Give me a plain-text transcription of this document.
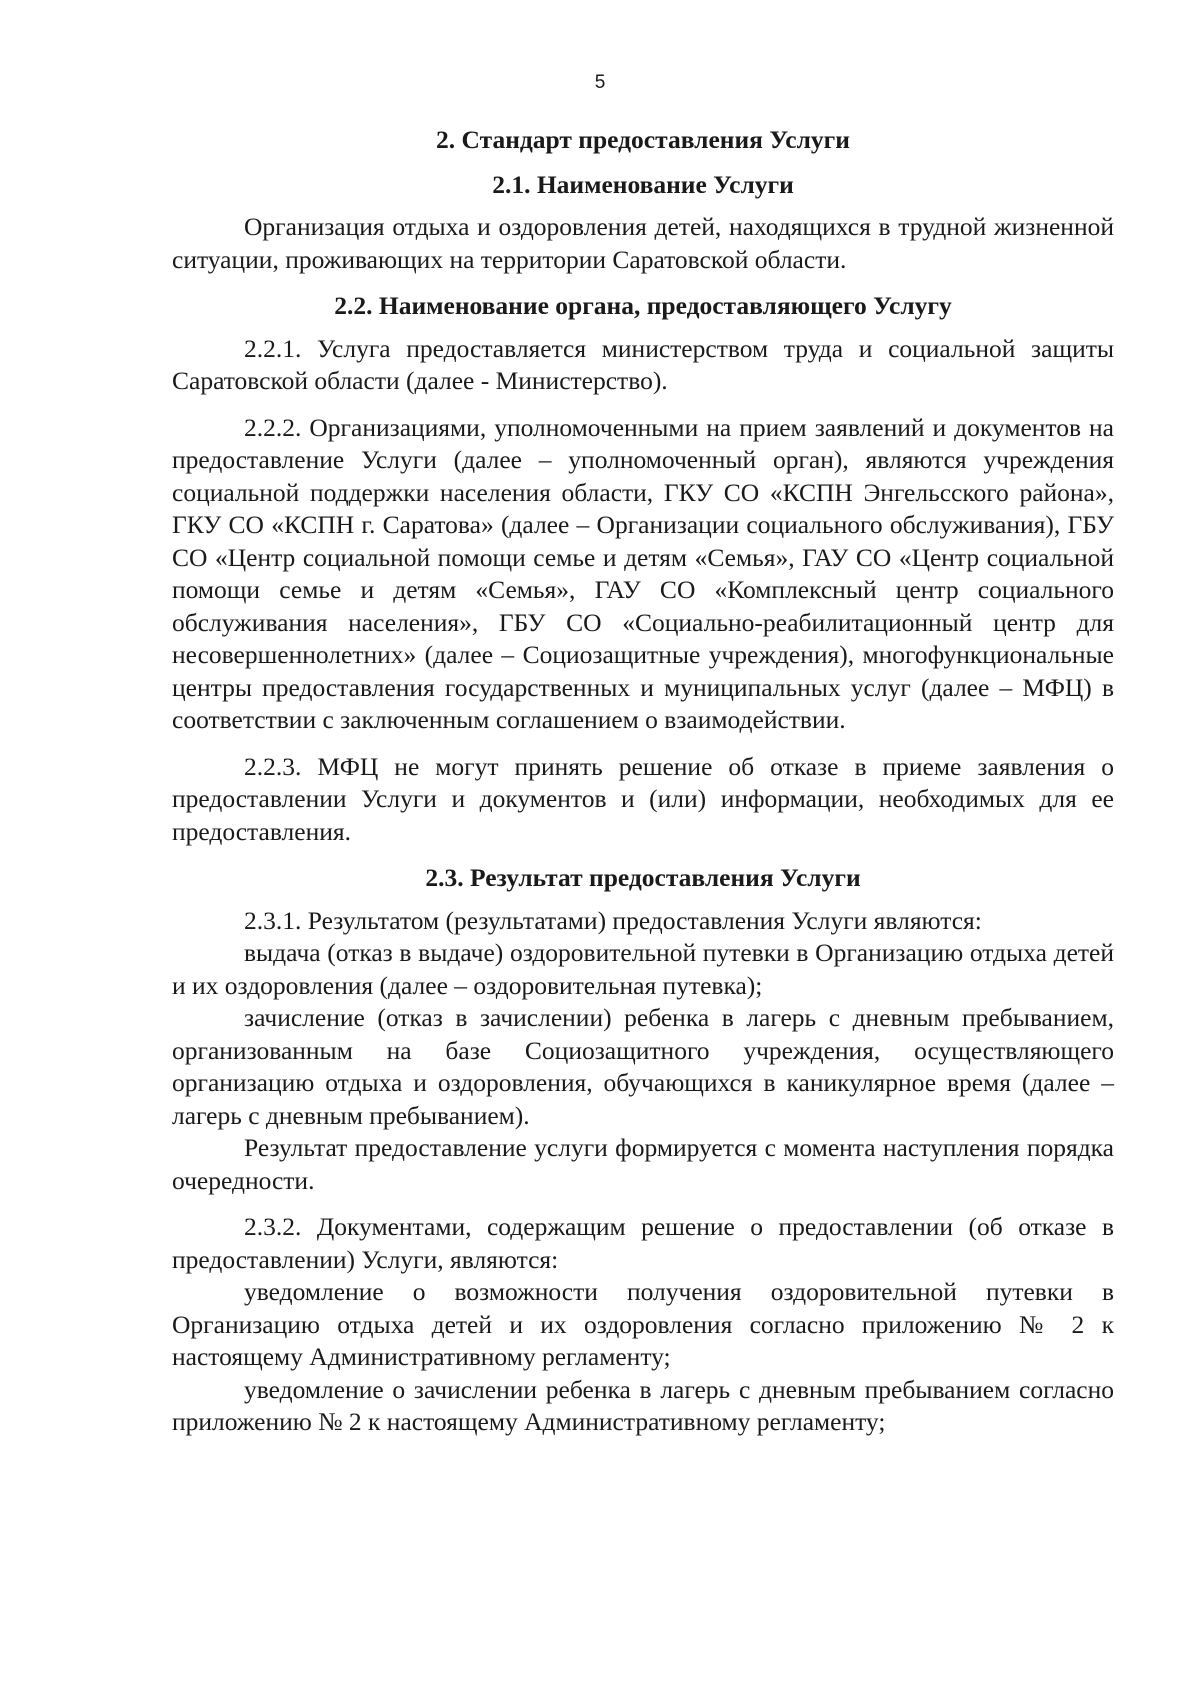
5
2. Стандарт предоставления Услуги
2.1. Наименование Услуги

Организация отдыха и оздоровления детей, находящихся в трудной жизненной ситуации, проживающих на территории Саратовской области.

2.2. Наименование органа, предоставляющего Услугу

2.2.1. Услуга предоставляется министерством труда и социальной защиты Саратовской области (далее - Министерство).

2.2.2. Организациями, уполномоченными на прием заявлений и документов на предоставление Услуги (далее – уполномоченный орган), являются учреждения социальной поддержки населения области, ГКУ СО «КСПН Энгельсского района», ГКУ СО «КСПН г. Саратова» (далее – Организации социального обслуживания), ГБУ СО «Центр социальной помощи семье и детям «Семья», ГАУ СО «Центр социальной помощи семье и детям «Семья», ГАУ СО «Комплексный центр социального обслуживания населения», ГБУ СО «Социально-реабилитационный центр для несовершеннолетних» (далее – Социозащитные учреждения), многофункциональные центры предоставления государственных и муниципальных услуг (далее – МФЦ) в соответствии с заключенным соглашением о взаимодействии.

2.2.3. МФЦ не могут принять решение об отказе в приеме заявления о предоставлении Услуги и документов и (или) информации, необходимых для ее предоставления.

2.3. Результат предоставления Услуги

2.3.1. Результатом (результатами) предоставления Услуги являются:

выдача (отказ в выдаче) оздоровительной путевки в Организацию отдыха детей и их оздоровления (далее – оздоровительная путевка);

зачисление (отказ в зачислении) ребенка в лагерь с дневным пребыванием, организованным на базе Социозащитного учреждения, осуществляющего организацию отдыха и оздоровления, обучающихся в каникулярное время (далее – лагерь с дневным пребыванием).

Результат предоставление услуги формируется с момента наступления порядка очередности.

2.3.2. Документами, содержащим решение о предоставлении (об отказе в предоставлении) Услуги, являются:

уведомление о возможности получения оздоровительной путевки в Организацию отдыха детей и их оздоровления согласно приложению № 2 к настоящему Административному регламенту;

уведомление о зачислении ребенка в лагерь с дневным пребыванием согласно приложению № 2 к настоящему Административному регламенту;
